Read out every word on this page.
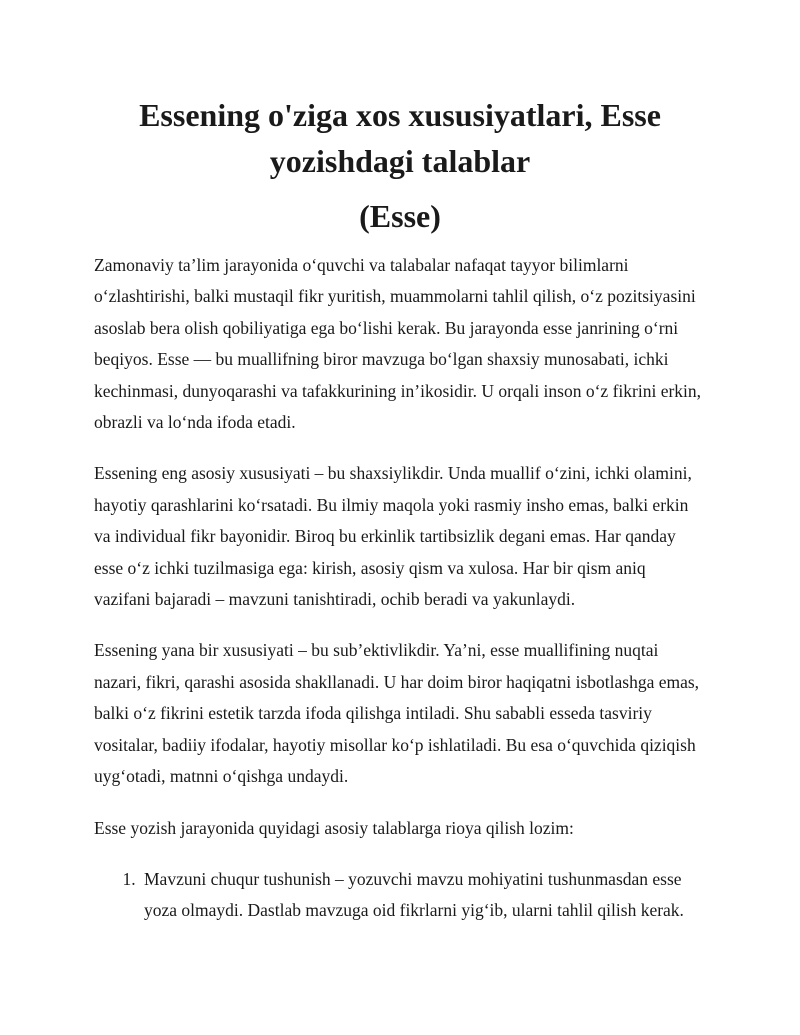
Essening o'ziga xos xususiyatlari, Esse yozishdagi talablar
(Esse)

Zamonaviy ta’lim jarayonida o‘quvchi va talabalar nafaqat tayyor bilimlarni o‘zlashtirishi, balki mustaqil fikr yuritish, muammolarni tahlil qilish, o‘z pozitsiyasini asoslab bera olish qobiliyatiga ega bo‘lishi kerak. Bu jarayonda esse janrining o‘rni beqiyos. Esse — bu muallifning biror mavzuga bo‘lgan shaxsiy munosabati, ichki kechinmasi, dunyoqarashi va tafakkurining in’ikosidir. U orqali inson o‘z fikrini erkin, obrazli va lo‘nda ifoda etadi.

Essening eng asosiy xususiyati – bu shaxsiylikdir. Unda muallif o‘zini, ichki olamini, hayotiy qarashlarini ko‘rsatadi. Bu ilmiy maqola yoki rasmiy insho emas, balki erkin va individual fikr bayonidir. Biroq bu erkinlik tartibsizlik degani emas. Har qanday esse o‘z ichki tuzilmasiga ega: kirish, asosiy qism va xulosa. Har bir qism aniq vazifani bajaradi – mavzuni tanishtiradi, ochib beradi va yakunlaydi.

Essening yana bir xususiyati – bu sub’ektivlikdir. Ya’ni, esse muallifining nuqtai nazari, fikri, qarashi asosida shakllanadi. U har doim biror haqiqatni isbotlashga emas, balki o‘z fikrini estetik tarzda ifoda qilishga intiladi. Shu sababli esseda tasviriy vositalar, badiiy ifodalar, hayotiy misollar ko‘p ishlatiladi. Bu esa o‘quvchida qiziqish uyg‘otadi, matnni o‘qishga undaydi.

Esse yozish jarayonida quyidagi asosiy talablarga rioya qilish lozim:

1. Mavzuni chuqur tushunish – yozuvchi mavzu mohiyatini tushunmasdan esse yoza olmaydi. Dastlab mavzuga oid fikrlarni yig‘ib, ularni tahlil qilish kerak.
